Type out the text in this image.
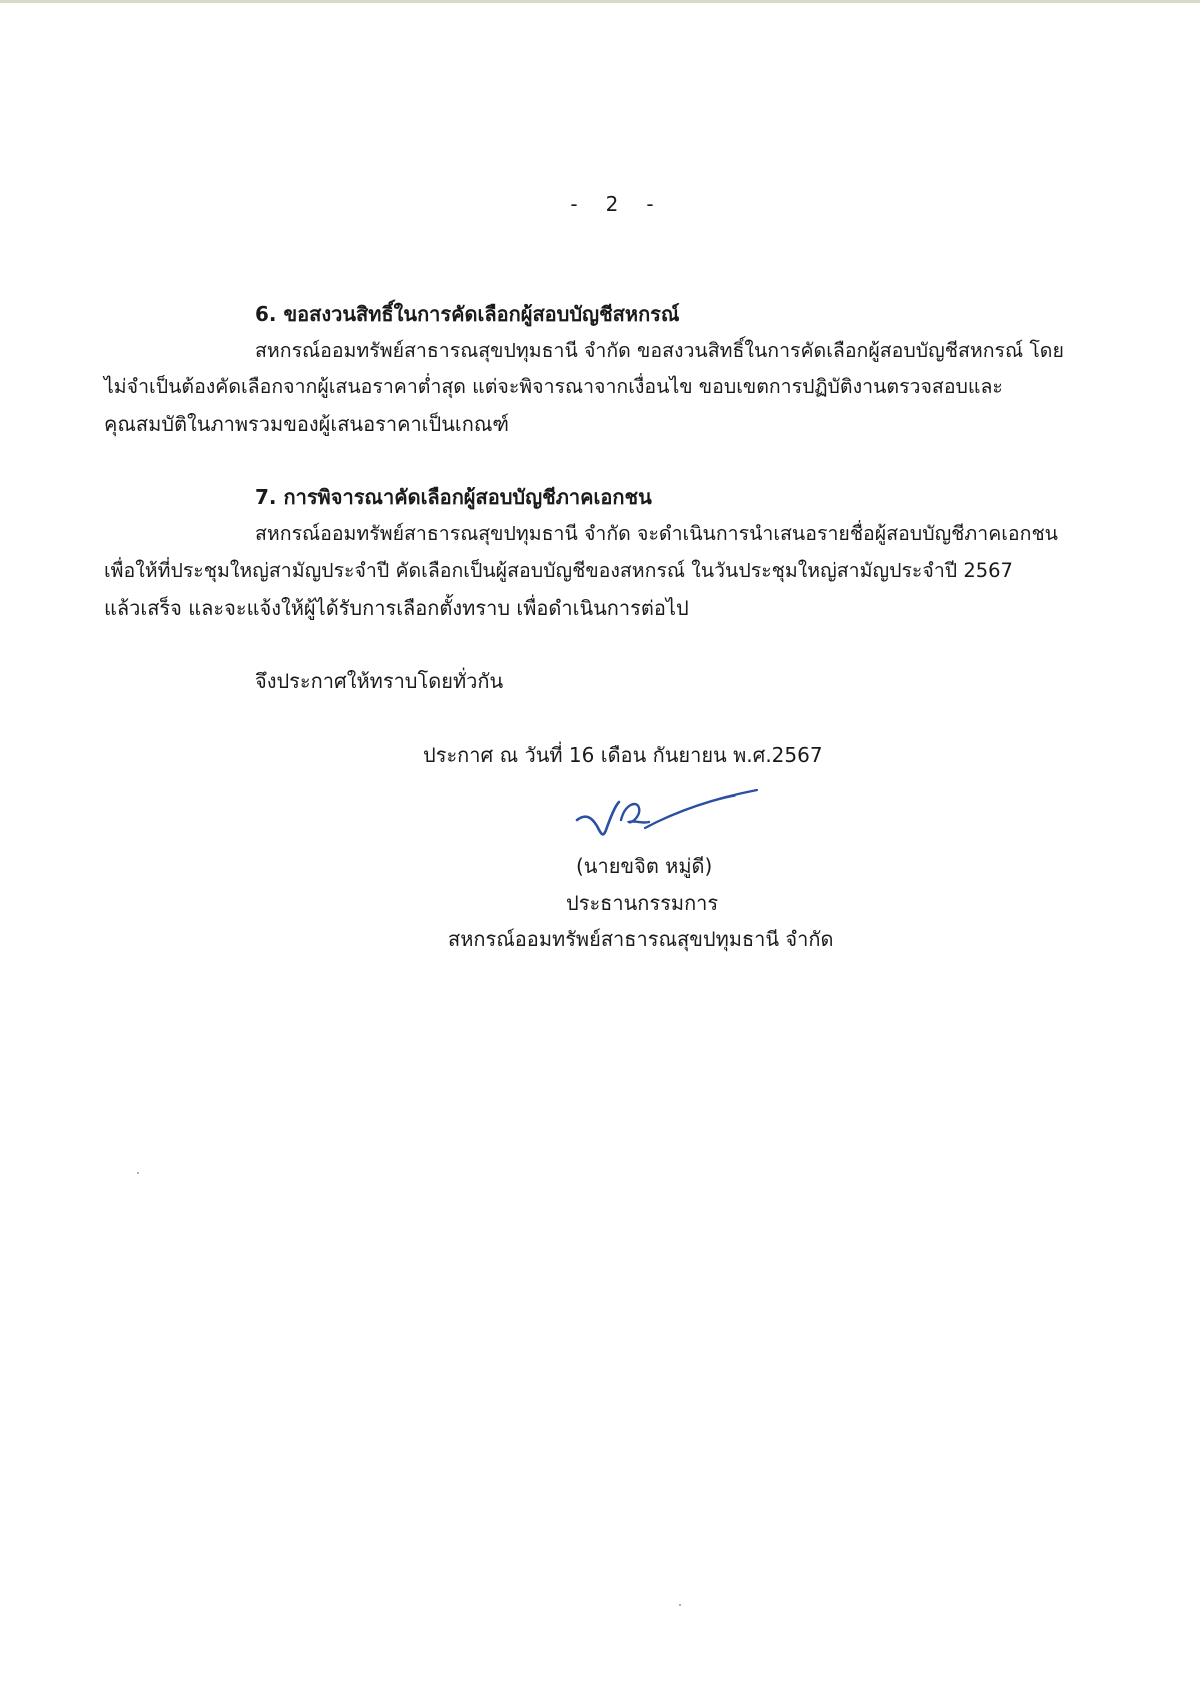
- 2 -
6. ขอสงวนสิทธิ์ในการคัดเลือกผู้สอบบัญชีสหกรณ์
สหกรณ์ออมทรัพย์สาธารณสุขปทุมธานี จำกัด ขอสงวนสิทธิ์ในการคัดเลือกผู้สอบบัญชีสหกรณ์ โดย
ไม่จำเป็นต้องคัดเลือกจากผู้เสนอราคาต่ำสุด แต่จะพิจารณาจากเงื่อนไข ขอบเขตการปฏิบัติงานตรวจสอบและ
คุณสมบัติในภาพรวมของผู้เสนอราคาเป็นเกณฑ์
7. การพิจารณาคัดเลือกผู้สอบบัญชีภาคเอกชน
สหกรณ์ออมทรัพย์สาธารณสุขปทุมธานี จำกัด จะดำเนินการนำเสนอรายชื่อผู้สอบบัญชีภาคเอกชน
เพื่อให้ที่ประชุมใหญ่สามัญประจำปี คัดเลือกเป็นผู้สอบบัญชีของสหกรณ์ ในวันประชุมใหญ่สามัญประจำปี 2567
แล้วเสร็จ และจะแจ้งให้ผู้ได้รับการเลือกตั้งทราบ เพื่อดำเนินการต่อไป
จึงประกาศให้ทราบโดยทั่วกัน
ประกาศ ณ วันที่ 16 เดือน กันยายน พ.ศ.2567
(นายขจิต หมู่ดี)
ประธานกรรมการ
สหกรณ์ออมทรัพย์สาธารณสุขปทุมธานี จำกัด
